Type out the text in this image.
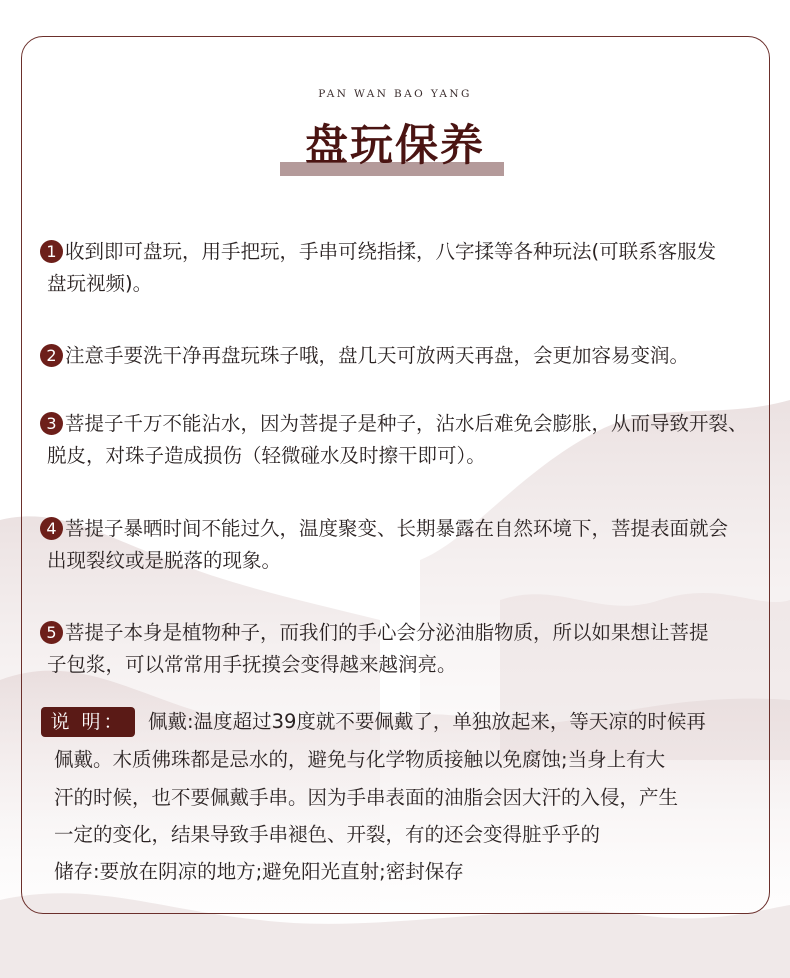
PAN WAN BAO YANG
盘玩保养
1 收到即可盘玩，用手把玩，手串可绕指揉，八字揉等各种玩法(可联系客服发
盘玩视频)。
2 注意手要洗干净再盘玩珠子哦，盘几天可放两天再盘，会更加容易变润。
3 菩提子千万不能沾水，因为菩提子是种子，沾水后难免会膨胀，从而导致开裂、
脱皮，对珠子造成损伤（轻微碰水及时擦干即可）。
4 菩提子暴晒时间不能过久，温度聚变、长期暴露在自然环境下，菩提表面就会
出现裂纹或是脱落的现象。
5 菩提子本身是植物种子，而我们的手心会分泌油脂物质，所以如果想让菩提
子包浆，可以常常用手抚摸会变得越来越润亮。
说 明：	佩戴:温度超过39度就不要佩戴了，单独放起来，等天凉的时候再
佩戴。木质佛珠都是忌水的，避免与化学物质接触以免腐蚀;当身上有大
汗的时候，也不要佩戴手串。因为手串表面的油脂会因大汗的入侵，产生
一定的变化，结果导致手串褪色、开裂，有的还会变得脏乎乎的
储存:要放在阴凉的地方;避免阳光直射;密封保存
